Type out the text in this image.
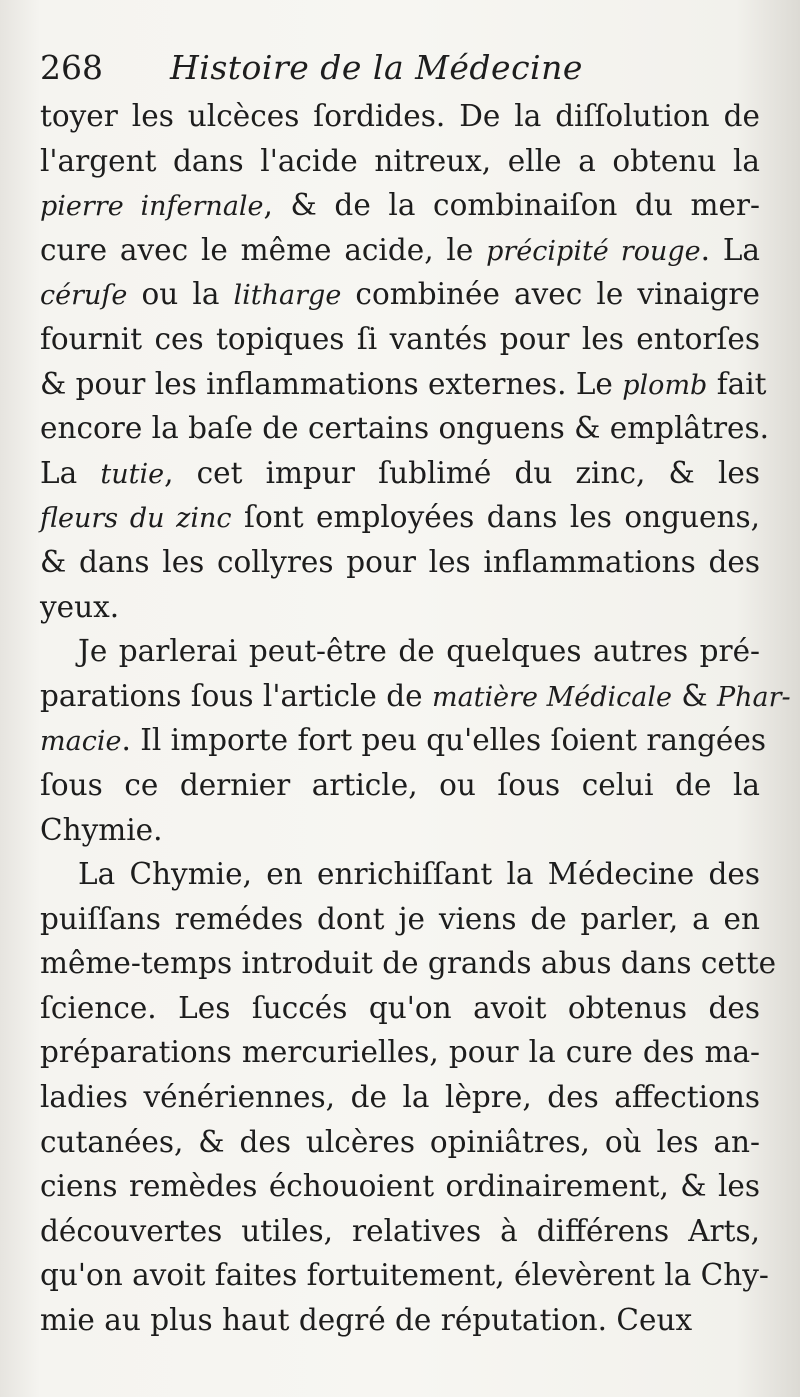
268 Histoire de la Médecine
toyer les ulcèces ſordides. De la diſſolution de
l'argent dans l'acide nitreux, elle a obtenu la
pierre infernale, & de la combinaiſon du mer-
cure avec le même acide, le précipité rouge. La
céruſe ou la litharge combinée avec le vinaigre
fournit ces topiques ſi vantés pour les entorſes
& pour les inflammations externes. Le plomb fait
encore la baſe de certains onguens & emplâtres.
La tutie, cet impur ſublimé du zinc, & les
fleurs du zinc ſont employées dans les onguens,
& dans les collyres pour les inflammations des
yeux.
Je parlerai peut-être de quelques autres pré-
parations ſous l'article de matière Médicale & Phar-
macie. Il importe fort peu qu'elles ſoient rangées
ſous ce dernier article, ou ſous celui de la
Chymie.
La Chymie, en enrichiſſant la Médecine des
puiſſans remédes dont je viens de parler, a en
même-temps introduit de grands abus dans cette
ſcience. Les ſuccés qu'on avoit obtenus des
préparations mercurielles, pour la cure des ma-
ladies vénériennes, de la lèpre, des affections
cutanées, & des ulcères opiniâtres, où les an-
ciens remèdes échouoient ordinairement, & les
découvertes utiles, relatives à différens Arts,
qu'on avoit faites fortuitement, élevèrent la Chy-
mie au plus haut degré de réputation. Ceux
